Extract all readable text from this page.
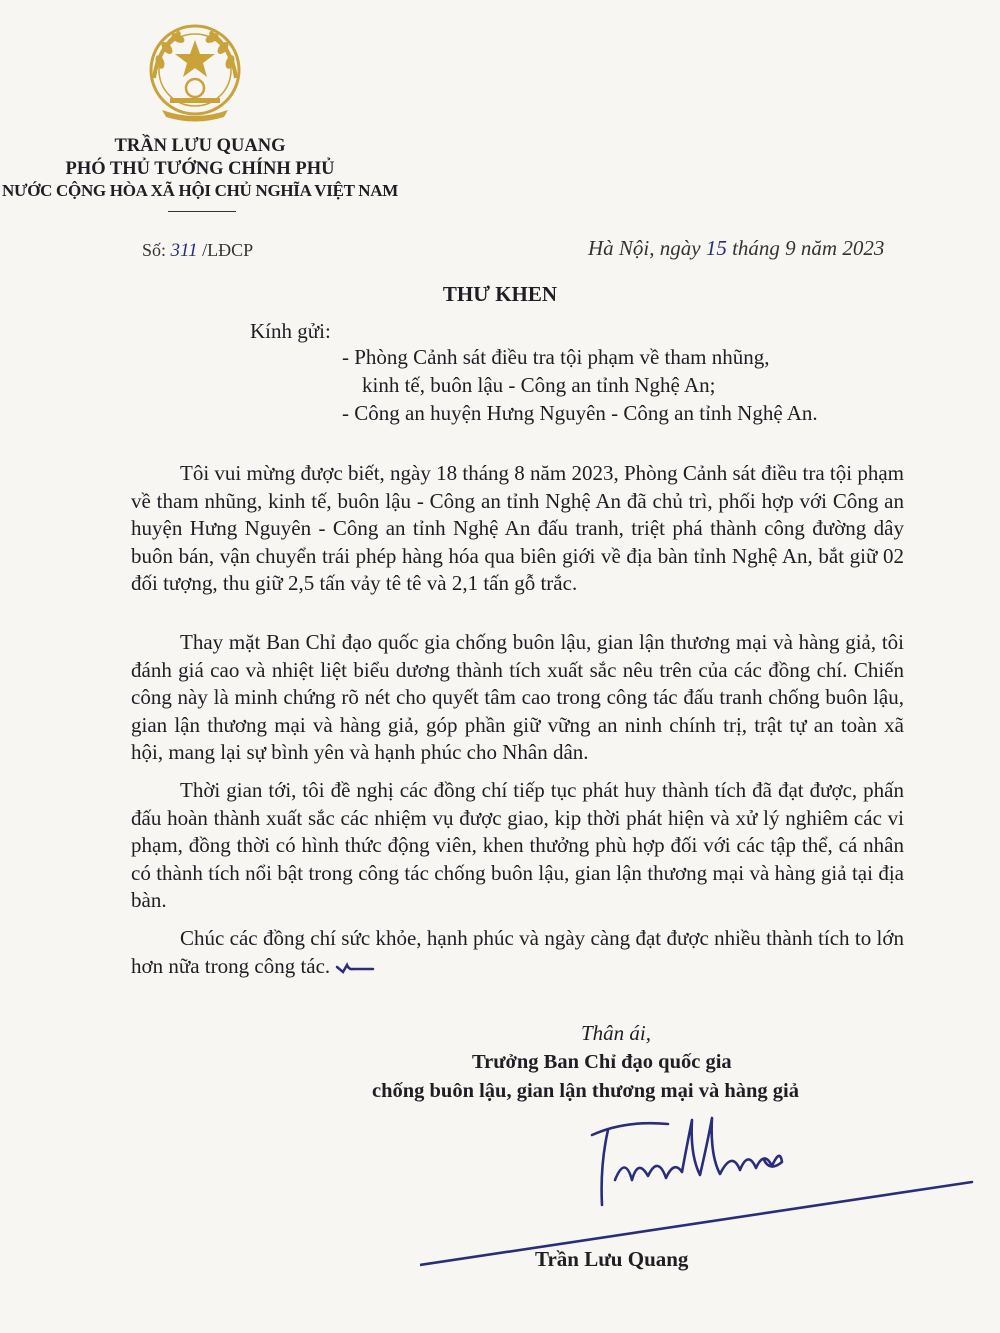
TRẦN LƯU QUANG
PHÓ THỦ TƯỚNG CHÍNH PHỦ
NƯỚC CỘNG HÒA XÃ HỘI CHỦ NGHĨA VIỆT NAM
Số: 311 /LĐCP	Hà Nội, ngày 15 tháng 9 năm 2023
THƯ KHEN
Kính gửi:
- Phòng Cảnh sát điều tra tội phạm về tham nhũng,
kinh tế, buôn lậu - Công an tỉnh Nghệ An;
- Công an huyện Hưng Nguyên - Công an tỉnh Nghệ An.
Tôi vui mừng được biết, ngày 18 tháng 8 năm 2023, Phòng Cảnh sát điều tra tội phạm về tham nhũng, kinh tế, buôn lậu - Công an tỉnh Nghệ An đã chủ trì, phối hợp với Công an huyện Hưng Nguyên - Công an tỉnh Nghệ An đấu tranh, triệt phá thành công đường dây buôn bán, vận chuyển trái phép hàng hóa qua biên giới về địa bàn tỉnh Nghệ An, bắt giữ 02 đối tượng, thu giữ 2,5 tấn vảy tê tê và 2,1 tấn gỗ trắc.
Thay mặt Ban Chỉ đạo quốc gia chống buôn lậu, gian lận thương mại và hàng giả, tôi đánh giá cao và nhiệt liệt biểu dương thành tích xuất sắc nêu trên của các đồng chí. Chiến công này là minh chứng rõ nét cho quyết tâm cao trong công tác đấu tranh chống buôn lậu, gian lận thương mại và hàng giả, góp phần giữ vững an ninh chính trị, trật tự an toàn xã hội, mang lại sự bình yên và hạnh phúc cho Nhân dân.
Thời gian tới, tôi đề nghị các đồng chí tiếp tục phát huy thành tích đã đạt được, phấn đấu hoàn thành xuất sắc các nhiệm vụ được giao, kịp thời phát hiện và xử lý nghiêm các vi phạm, đồng thời có hình thức động viên, khen thưởng phù hợp đối với các tập thể, cá nhân có thành tích nổi bật trong công tác chống buôn lậu, gian lận thương mại và hàng giả tại địa bàn.
Chúc các đồng chí sức khỏe, hạnh phúc và ngày càng đạt được nhiều thành tích to lớn hơn nữa trong công tác.
Thân ái,
Trưởng Ban Chỉ đạo quốc gia
chống buôn lậu, gian lận thương mại và hàng giả
Trần Lưu Quang
